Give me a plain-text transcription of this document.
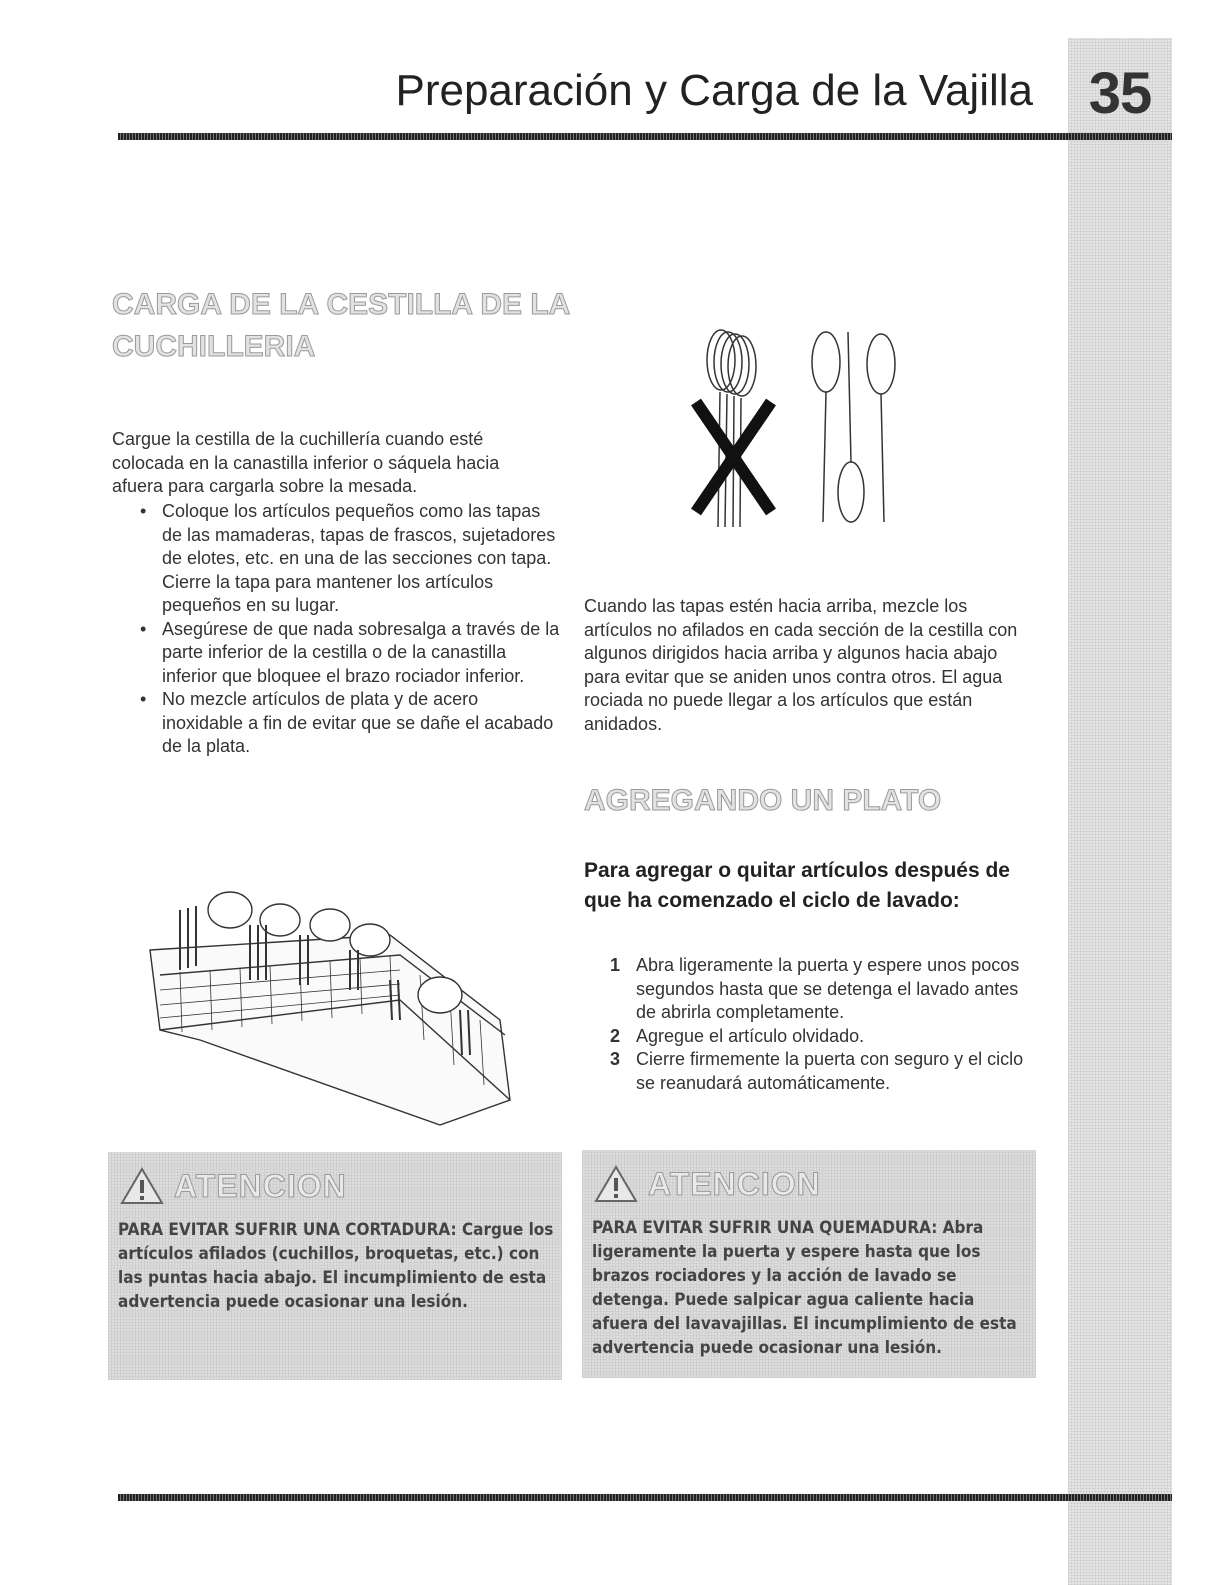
35
Preparación y Carga de la Vajilla
CARGA DE LA CESTILLA DE LA CUCHILLERIA

Cargue la cestilla de la cuchillería cuando esté colocada en la canastilla inferior o sáquela hacia afuera para cargarla sobre la mesada.

• Coloque los artículos pequeños como las tapas de las mamaderas, tapas de frascos, sujetadores de elotes, etc. en una de las secciones con tapa. Cierre la tapa para mantener los artículos pequeños en su lugar.
• Asegúrese de que nada sobresalga a través de la parte inferior de la cestilla o de la canastilla inferior que bloquee el brazo rociador inferior.
• No mezcle artículos de plata y de acero inoxidable a fin de evitar que se dañe el acabado de la plata.

Cuando las tapas estén hacia arriba, mezcle los artículos no afilados en cada sección de la cestilla con algunos dirigidos hacia arriba y algunos hacia abajo para evitar que se aniden unos contra otros. El agua rociada no puede llegar a los artículos que están anidados.

AGREGANDO UN PLATO

Para agregar o quitar artículos después de que ha comenzado el ciclo de lavado:

1 Abra ligeramente la puerta y espere unos pocos segundos hasta que se detenga el lavado antes de abrirla completamente.
2 Agregue el artículo olvidado.
3 Cierre firmemente la puerta con seguro y el ciclo se reanudará automáticamente.
ATENCION

PARA EVITAR SUFRIR UNA CORTADURA: Cargue los artículos afilados (cuchillos, broquetas, etc.) con las puntas hacia abajo. El incumplimiento de esta advertencia puede ocasionar una lesión.

ATENCION

PARA EVITAR SUFRIR UNA QUEMADURA: Abra ligeramente la puerta y espere hasta que los brazos rociadores y la acción de lavado se detenga. Puede salpicar agua caliente hacia afuera del lavavajillas. El incumplimiento de esta advertencia puede ocasionar una lesión.
